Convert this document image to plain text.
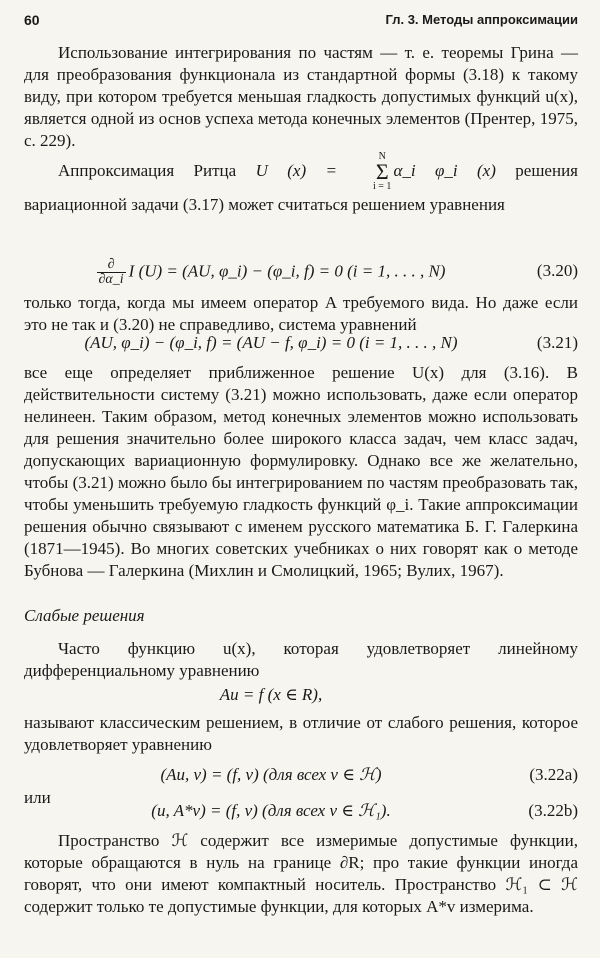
60	Гл. 3. Методы аппроксимации

Использование интегрирования по частям — т. е. теоремы Грина — для преобразования функционала из стандартной формы (3.18) к такому виду, при котором требуется меньшая гладкость допустимых функций u(x), является одной из основ успеха метода конечных элементов (Прентер, 1975, с. 229).

Аппроксимация Ритца U (x) =
N
Σ
i = 1
α_i φ_i (x) решения вариационной задачи (3.17) может считаться решением уравнения

$\frac{\partial}{\partial\alpha\_i}$ I (U) = (AU, φ_i) − (φ_i, f) = 0 (i = 1, . . . , N)	(3.20)

только тогда, когда мы имеем оператор A требуемого вида. Но даже если это не так и (3.20) не справедливо, система уравнений

(AU, φ_i) − (φ_i, f) = (AU − f, φ_i) = 0 (i = 1, . . . , N)	(3.21)

все еще определяет приближенное решение U(x) для (3.16). В действительности систему (3.21) можно использовать, даже если оператор нелинеен. Таким образом, метод конечных элементов можно использовать для решения значительно более широкого класса задач, чем класс задач, допускающих вариационную формулировку. Однако все же желательно, чтобы (3.21) можно было бы интегрированием по частям преобразовать так, чтобы уменьшить требуемую гладкость функций φ_i. Такие аппроксимации решения обычно связывают с именем русского математика Б. Г. Галеркина (1871—1945). Во многих советских учебниках о них говорят как о методе Бубнова — Галеркина (Михлин и Смолицкий, 1965; Вулих, 1967).

Слабые решения

Часто функцию u(x), которая удовлетворяет линейному дифференциальному уравнению

Au = f (x ∈ R),

называют классическим решением, в отличие от слабого решения, которое удовлетворяет уравнению

(Au, v) = (f, v) (для всех v ∈ ℋ)	(3.22a)
или
(u, A*v) = (f, v) (для всех v ∈ ℋ₁).	(3.22b)

Пространство ℋ содержит все измеримые допустимые функции, которые обращаются в нуль на границе ∂R; про такие функции иногда говорят, что они имеют компактный носитель. Пространство ℋ₁ ⊂ ℋ содержит только те допустимые функции, для которых A*v измерима.
